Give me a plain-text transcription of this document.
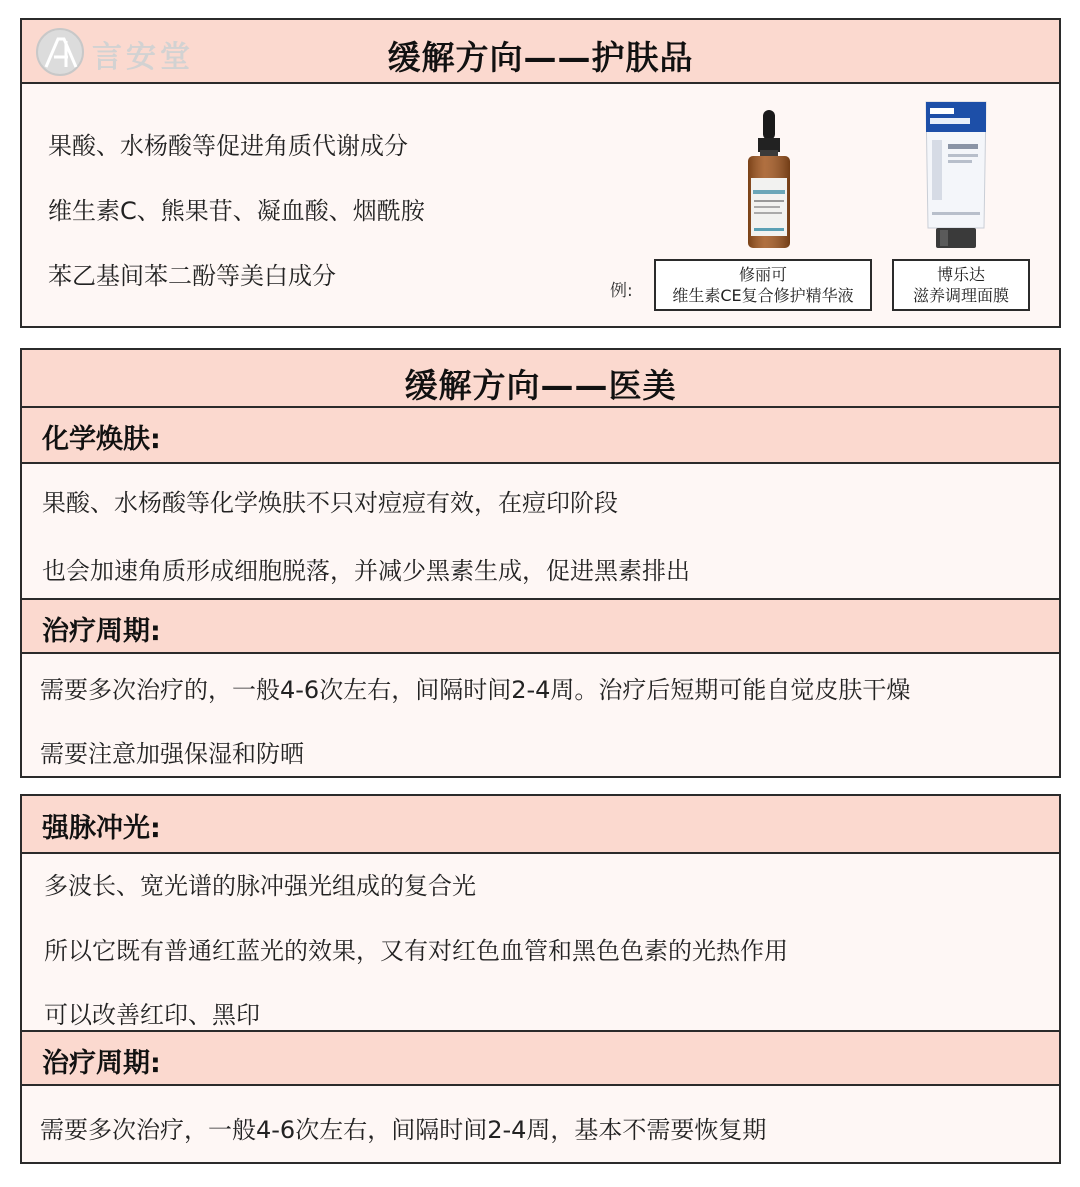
缓解方向——护肤品
果酸、水杨酸等促进角质代谢成分
维生素C、熊果苷、凝血酸、烟酰胺
苯乙基间苯二酚等美白成分
例:
修丽可
维生素CE复合修护精华液
博乐达
滋养调理面膜
言安堂
缓解方向——医美
化学焕肤:
果酸、水杨酸等化学焕肤不只对痘痘有效，在痘印阶段
也会加速角质形成细胞脱落，并减少黑素生成，促进黑素排出
治疗周期:
需要多次治疗的，一般4-6次左右，间隔时间2-4周。治疗后短期可能自觉皮肤干燥
需要注意加强保湿和防晒
强脉冲光:
多波长、宽光谱的脉冲强光组成的复合光
所以它既有普通红蓝光的效果，又有对红色血管和黑色色素的光热作用
可以改善红印、黑印
治疗周期:
需要多次治疗，一般4-6次左右，间隔时间2-4周，基本不需要恢复期
